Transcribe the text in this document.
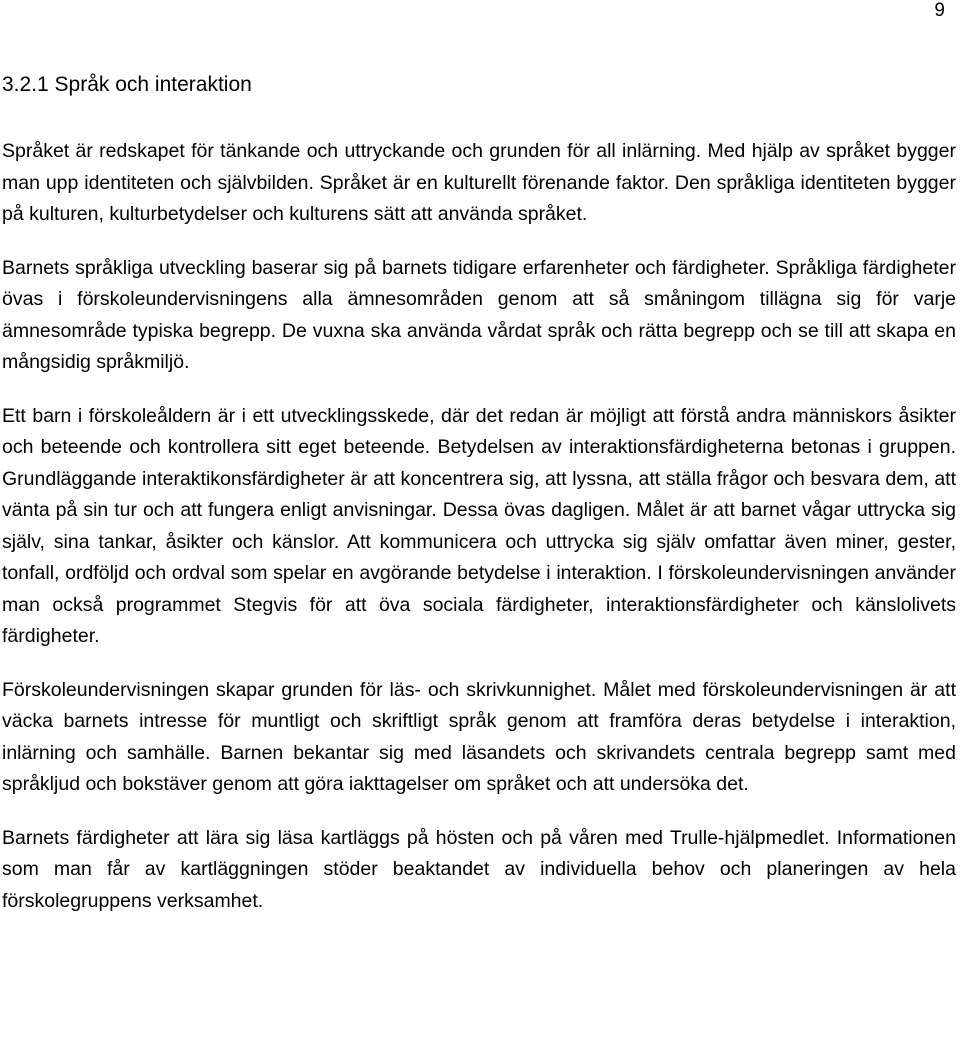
9
3.2.1 Språk och interaktion

Språket är redskapet för tänkande och uttryckande och grunden för all inlärning. Med hjälp av språket bygger man upp identiteten och självbilden. Språket är en kulturellt förenande faktor. Den språkliga identiteten bygger på kulturen, kulturbetydelser och kulturens sätt att använda språket.

Barnets språkliga utveckling baserar sig på barnets tidigare erfarenheter och färdigheter. Språkliga färdigheter övas i förskoleundervisningens alla ämnesområden genom att så småningom tillägna sig för varje ämnesområde typiska begrepp. De vuxna ska använda vårdat språk och rätta begrepp och se till att skapa en mångsidig språkmiljö.

Ett barn i förskoleåldern är i ett utvecklingsskede, där det redan är möjligt att förstå andra människors åsikter och beteende och kontrollera sitt eget beteende. Betydelsen av interaktionsfärdigheterna betonas i gruppen. Grundläggande interaktikonsfärdigheter är att koncentrera sig, att lyssna, att ställa frågor och besvara dem, att vänta på sin tur och att fungera enligt anvisningar. Dessa övas dagligen. Målet är att barnet vågar uttrycka sig själv, sina tankar, åsikter och känslor. Att kommunicera och uttrycka sig själv omfattar även miner, gester, tonfall, ordföljd och ordval som spelar en avgörande betydelse i interaktion. I förskoleundervisningen använder man också programmet Stegvis för att öva sociala färdigheter, interaktionsfärdigheter och känslolivets färdigheter.

Förskoleundervisningen skapar grunden för läs- och skrivkunnighet. Målet med förskoleundervisningen är att väcka barnets intresse för muntligt och skriftligt språk genom att framföra deras betydelse i interaktion, inlärning och samhälle. Barnen bekantar sig med läsandets och skrivandets centrala begrepp samt med språkljud och bokstäver genom att göra iakttagelser om språket och att undersöka det.

Barnets färdigheter att lära sig läsa kartläggs på hösten och på våren med Trulle-hjälpmedlet. Informationen som man får av kartläggningen stöder beaktandet av individuella behov och planeringen av hela förskolegruppens verksamhet.
